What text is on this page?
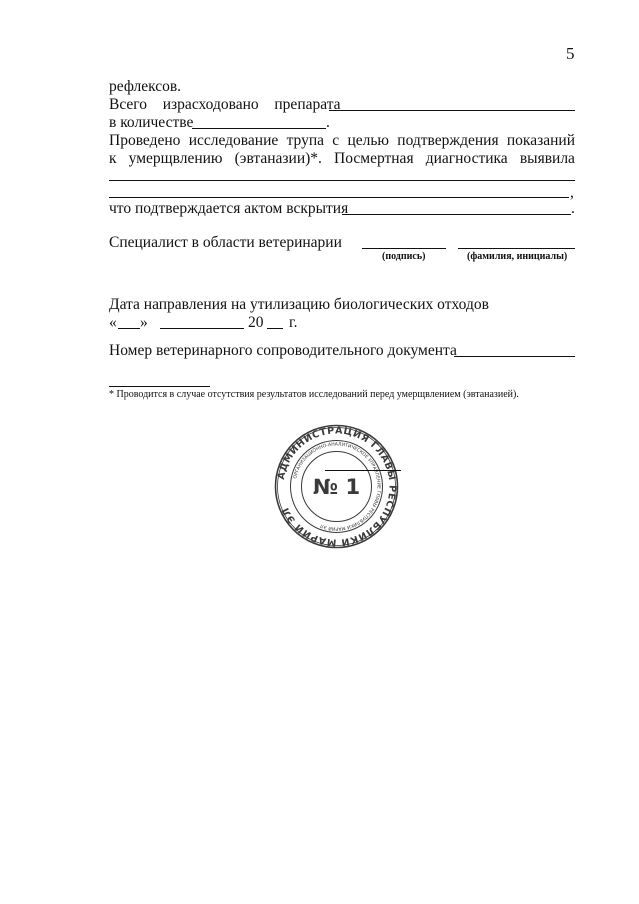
5
рефлексов.
Всего израсходовано препарата
в количестве	.
Проведено исследование трупа с целью подтверждения показаний
к умерщвлению (эвтаназии)*. Посмертная диагностика выявила
,
что подтверждается актом вскрытия	.
Специалист в области ветеринарии
(подпись)	(фамилия, инициалы)
Дата направления на утилизацию биологических отходов
« »	20 г.
Номер ветеринарного сопроводительного документа
* Проводится в случае отсутствия результатов исследований перед умерщвлением (эвтаназией).
АДМИНИСТРАЦИЯ ГЛАВЫ РЕСПУБЛИКИ МАРИЙ ЭЛ
ОРГАНИЗАЦИОННО-АНАЛИТИЧЕСКОЕ УПРАВЛЕНИЕ ГЛАВЫ РЕСПУБЛИКИ МАРИЙ ЭЛ
№ 1
